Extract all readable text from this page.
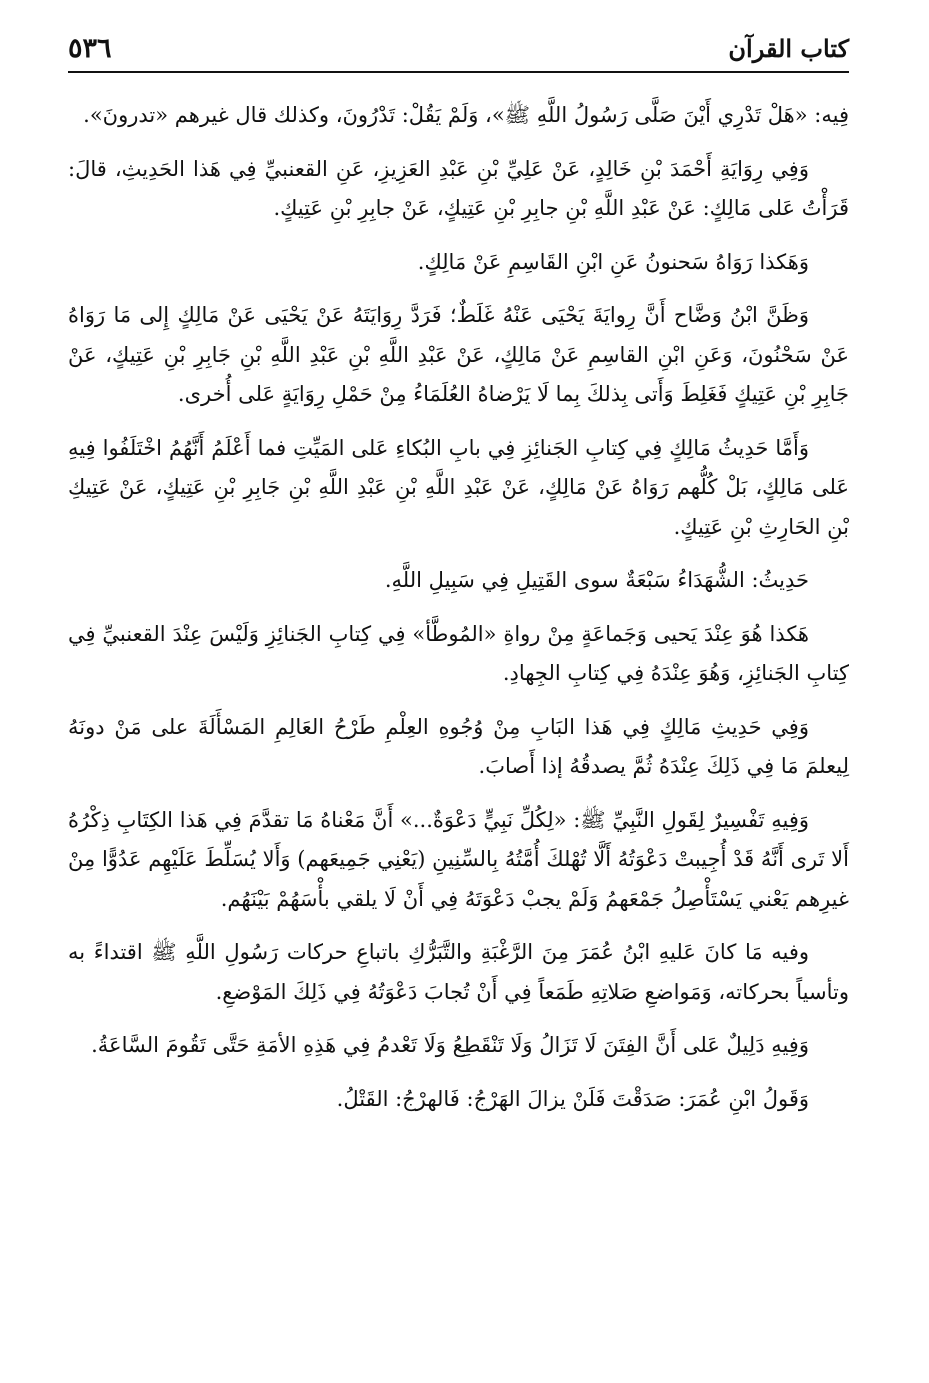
كتاب القرآن
٥٣٦

فِيه: «هَلْ تَدْرِي أَيْنَ صَلَّى رَسُولُ اللَّهِ ﷺ»، وَلَمْ يَقُلْ: تَدْرُونَ، وكذلك قال غيرهم «تدرونَ».

وَفِي رِوَايَةِ أَحْمَدَ بْنِ خَالِدٍ، عَنْ عَلِيِّ بْنِ عَبْدِ العَزِيزِ، عَنِ القعنبيِّ فِي هَذا الحَدِيثِ، قالَ: قَرَأْتُ عَلى مَالِكٍ: عَنْ عَبْدِ اللَّهِ بْنِ جابِرِ بْنِ عَتِيكٍ، عَنْ جابِرِ بْنِ عَتِيكٍ.

وَهَكذا رَوَاهُ سَحنونُ عَنِ ابْنِ القَاسِمِ عَنْ مَالِكٍ.

وَظَنَّ ابْنُ وَضَّاح أَنَّ رِوايَةَ يَحْيَى عَنْهُ غَلَطٌ؛ فَرَدَّ رِوَايَتَهُ عَنْ يَحْيَى عَنْ مَالِكٍ إِلى مَا رَوَاهُ عَنْ سَحْنُونَ، وَعَنِ ابْنِ القاسِمِ عَنْ مَالِكٍ، عَنْ عَبْدِ اللَّهِ بْنِ عَبْدِ اللَّهِ بْنِ جَابِرِ بْنِ عَتِيكٍ، عَنْ جَابِرِ بْنِ عَتِيكٍ فَغَلِطَ وَأَتى بِذلكَ بِما لَا يَرْضاهُ العُلَمَاءُ مِنْ حَمْلِ رِوَايَةٍ عَلى أُخرى.

وَأَمَّا حَدِيثُ مَالِكٍ فِي كِتابِ الجَنائِزِ فِي بابِ البُكاءِ عَلى المَيِّتِ فما أَعْلَمُ أَنَّهُمُ اخْتَلَفُوا فِيهِ عَلى مَالِكٍ، بَلْ كُلُّهم رَوَاهُ عَنْ مَالِكٍ، عَنْ عَبْدِ اللَّهِ بْنِ عَبْدِ اللَّهِ بْنِ جَابِرِ بْنِ عَتِيكٍ، عَنْ عَتِيكِ بْنِ الحَارِثِ بْنِ عَتِيكٍ.

حَدِيثُ: الشُّهَدَاءُ سَبْعَةٌ سوى القَتِيلِ فِي سَبِيلِ اللَّهِ.

هَكذا هُوَ عِنْدَ يَحيى وَجَماعَةٍ مِنْ رواةِ «المُوطَّأ» فِي كِتابِ الجَنائِزِ وَلَيْسَ عِنْدَ القعنبيِّ فِي كِتابِ الجَنائِزِ، وَهُوَ عِنْدَهُ فِي كِتابِ الجِهادِ.

وَفِي حَدِيثِ مَالِكٍ فِي هَذا البَابِ مِنْ وُجُوهِ العِلْمِ طَرْحُ العَالِمِ المَسْأَلَةَ على مَنْ دونَهُ لِيعلمَ مَا فِي ذَلِكَ عِنْدَهُ ثُمَّ يصدقُهُ إذا أَصابَ.

وَفِيهِ تَفْسِيرٌ لِقَولِ النَّبِيِّ ﷺ: «لِكُلِّ نَبِيٍّ دَعْوَةٌ...» أَنَّ مَعْناهُ مَا تقدَّمَ فِي هَذا الكِتَابِ ذِكْرُهُ أَلا تَرى أَنَّهُ قَدْ أُجِيبتْ دَعْوَتُهُ أَلَّا تُهْلكَ أُمَّتُهُ بِالسِّنِينِ (يَعْنِي جَمِيعَهم) وَأَلا يُسَلِّطَ عَلَيْهِم عَدُوًّا مِنْ غيرِهم يَعْني يَسْتَأْصِلُ جَمْعَهمُ وَلَمْ يجبْ دَعْوَتَهُ فِي أَنْ لَا يلقي بأْسَهُمْ بَيْنَهُم.

وفيه مَا كانَ عَليهِ ابْنُ عُمَرَ مِنَ الرَّغْبَةِ والتَّبَرُّكِ باتباعِ حركات رَسُولِ اللَّهِ ﷺ اقتداءً به وتأسياً بحركاته، وَمَواضعِ صَلاتِهِ طَمَعاً فِي أَنْ تُجابَ دَعْوَتُهُ فِي ذَلِكَ المَوْضعِ.

وَفِيهِ دَلِيلٌ عَلى أَنَّ الفِتَنَ لَا تَزَالُ وَلَا تَنْقَطِعُ وَلَا تَعْدمُ فِي هَذِهِ الأمَةِ حَتَّى تَقُومَ السَّاعَةُ.

وَقَولُ ابْنِ عُمَرَ: صَدَقْتَ فَلَنْ يزالَ الهَرْجُ: فَالهرْجُ: القَتْلُ.
